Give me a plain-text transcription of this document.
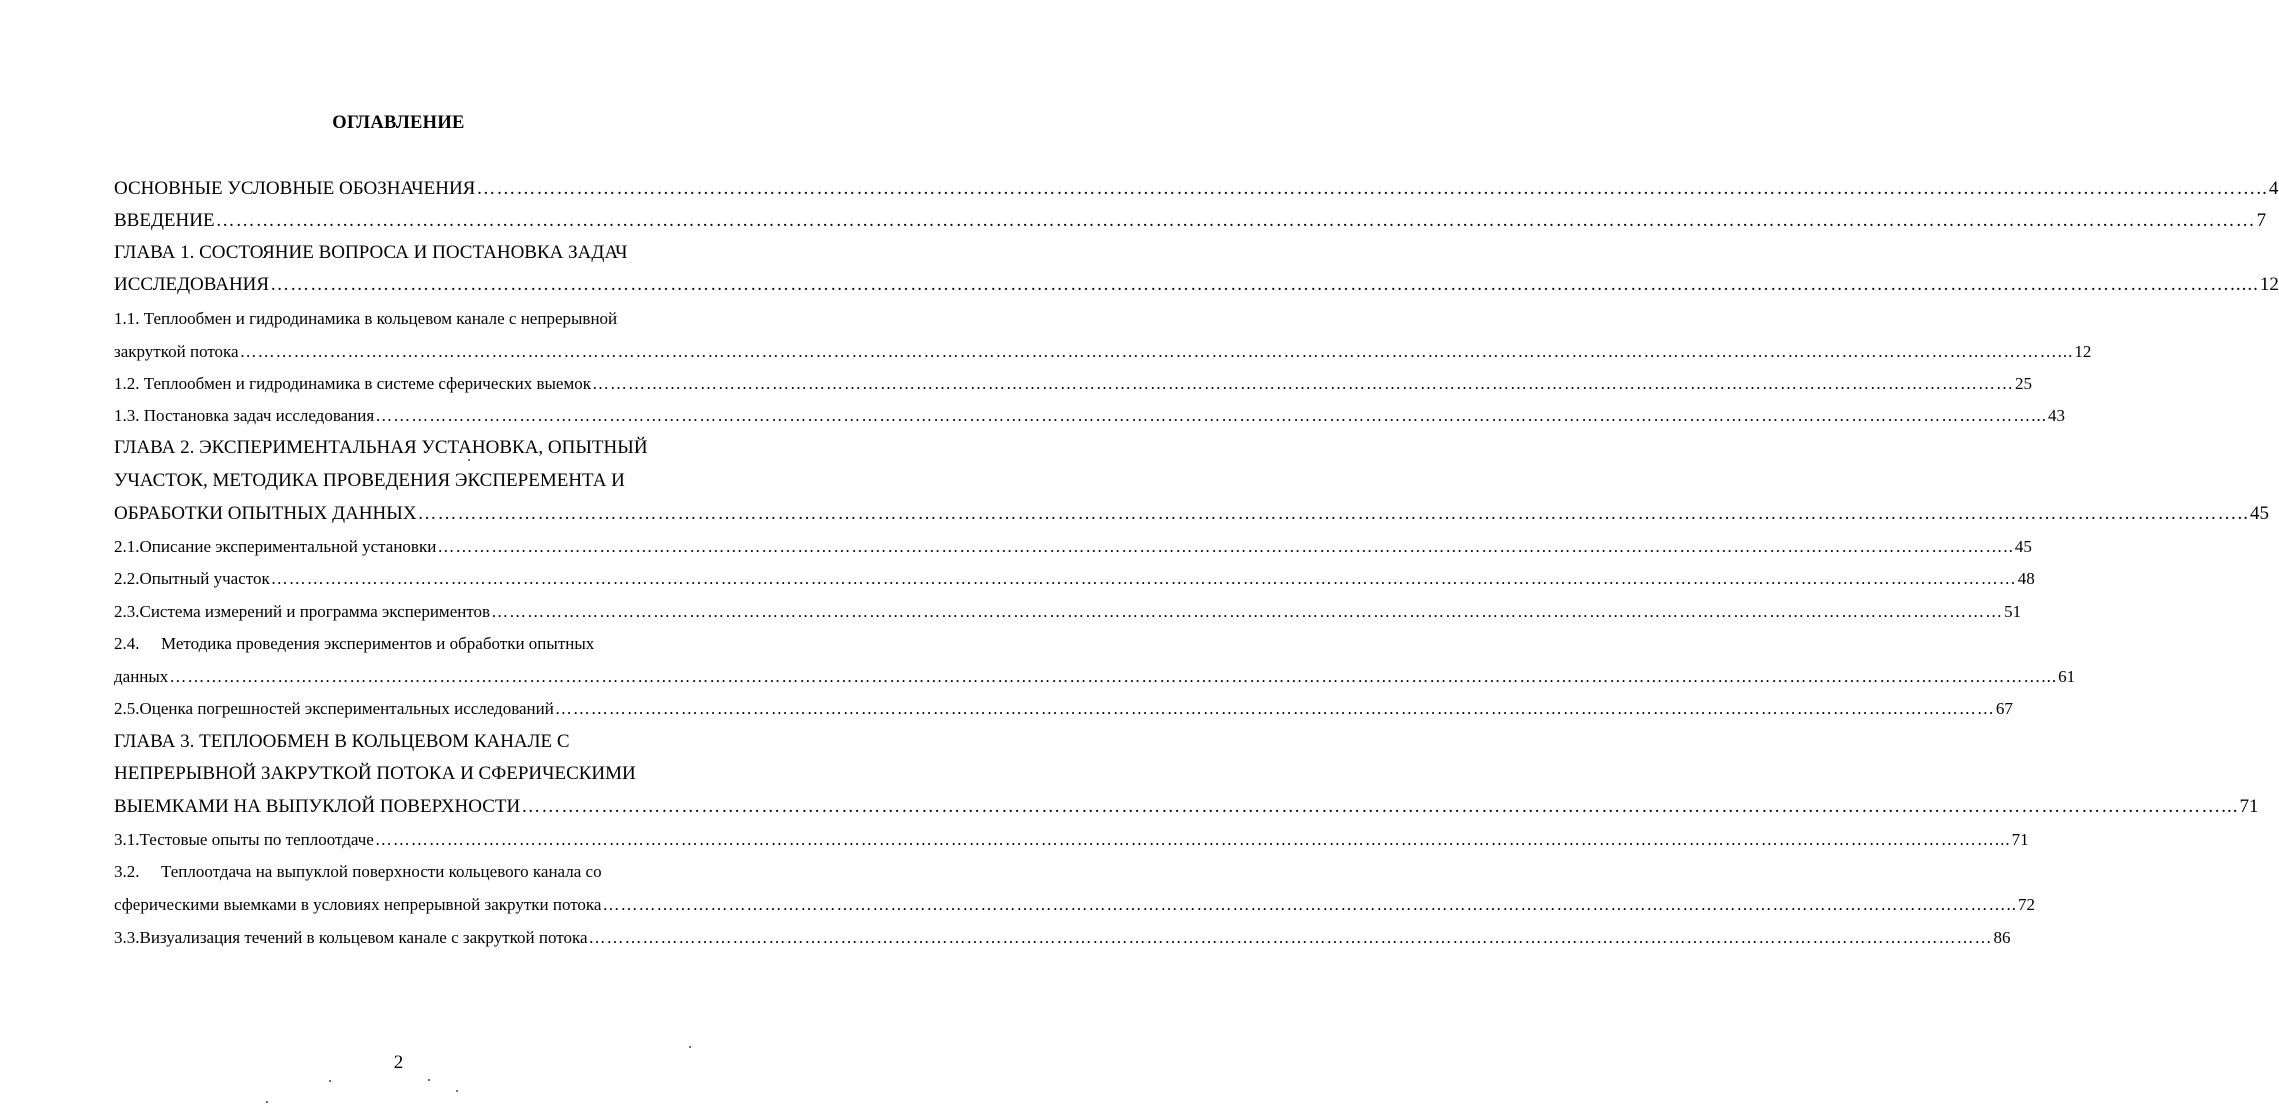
ОГЛАВЛЕНИЕ
ОСНОВНЫЕ УСЛОВНЫЕ ОБОЗНАЧЕНИЯ	………………………………………………………………………………………………………………………………………………………………………………………………………… ………………………………….. 4
ВВЕДЕНИЕ	………………………………………………………………………………………………………………………………………………………………………………………………………… …………………………………………………………………… 7
ГЛАВА 1. СОСТОЯНИЕ ВОПРОСА И ПОСТАНОВКА ЗАДАЧ
ИССЛЕДОВАНИЯ	………………………………………………………………………………………………………………………………………………………………………………………………………… …………………………………………………………..... 12
1.1. Теплообмен и гидродинамика в кольцевом канале с непрерывной
закруткой потока	………………………………………………………………………………………………………………………………………………………………………………………………………… …………………………………………………………………... 12
1.2. Теплообмен и гидродинамика в системе сферических выемок	………………………………………………………………………………………………………………………………………………………………………………………………………… ……… 25
1.3. Постановка задач исследования	………………………………………………………………………………………………………………………………………………………………………………………………………… …………………………………………... 43
ГЛАВА 2. ЭКСПЕРИМЕНТАЛЬНАЯ УСТАНОВКА, ОПЫТНЫЙ
УЧАСТОК, МЕТОДИКА ПРОВЕДЕНИЯ ЭКСПЕРЕМЕНТА И
ОБРАБОТКИ ОПЫТНЫХ ДАННЫХ	………………………………………………………………………………………………………………………………………………………………………………………………………… ……………………………………….. 45
2.1. Описание экспериментальной установки	………………………………………………………………………………………………………………………………………………………………………………………………………… …………………………….. 45
2.2. Опытный участок	………………………………………………………………………………………………………………………………………………………………………………………………………… ……………………………………………………… 48
2.3. Система измерений и программа экспериментов	………………………………………………………………………………………………………………………………………………………………………………………………………… …………………… 51
2.4. Методика проведения экспериментов и обработки опытных
данных	………………………………………………………………………………………………………………………………………………………………………………………………………… …………………………………………………………………………... 61
2.5. Оценка погрешностей экспериментальных исследований	………………………………………………………………………………………………………………………………………………………………………………………………………… ………… 67
ГЛАВА 3. ТЕПЛООБМЕН В КОЛЬЦЕВОМ КАНАЛЕ С
НЕПРЕРЫВНОЙ ЗАКРУТКОЙ ПОТОКА И СФЕРИЧЕСКИМИ
ВЫЕМКАМИ НА ВЫПУКЛОЙ ПОВЕРХНОСТИ	………………………………………………………………………………………………………………………………………………………………………………………………………… ………………………... 71
3.1. Тестовые опыты по теплоотдаче	………………………………………………………………………………………………………………………………………………………………………………………………………… ……………………………………... 71
3.2. Теплоотдача на выпуклой поверхности кольцевого канала со
сферическими выемками в условиях непрерывной закрутки потока	………………………………………………………………………………………………………………………………………………………………………………………………………… …….. 72
3.3. Визуализация течений в кольцевом канале с закруткой потока	………………………………………………………………………………………………………………………………………………………………………………………………………… …… 86
2
